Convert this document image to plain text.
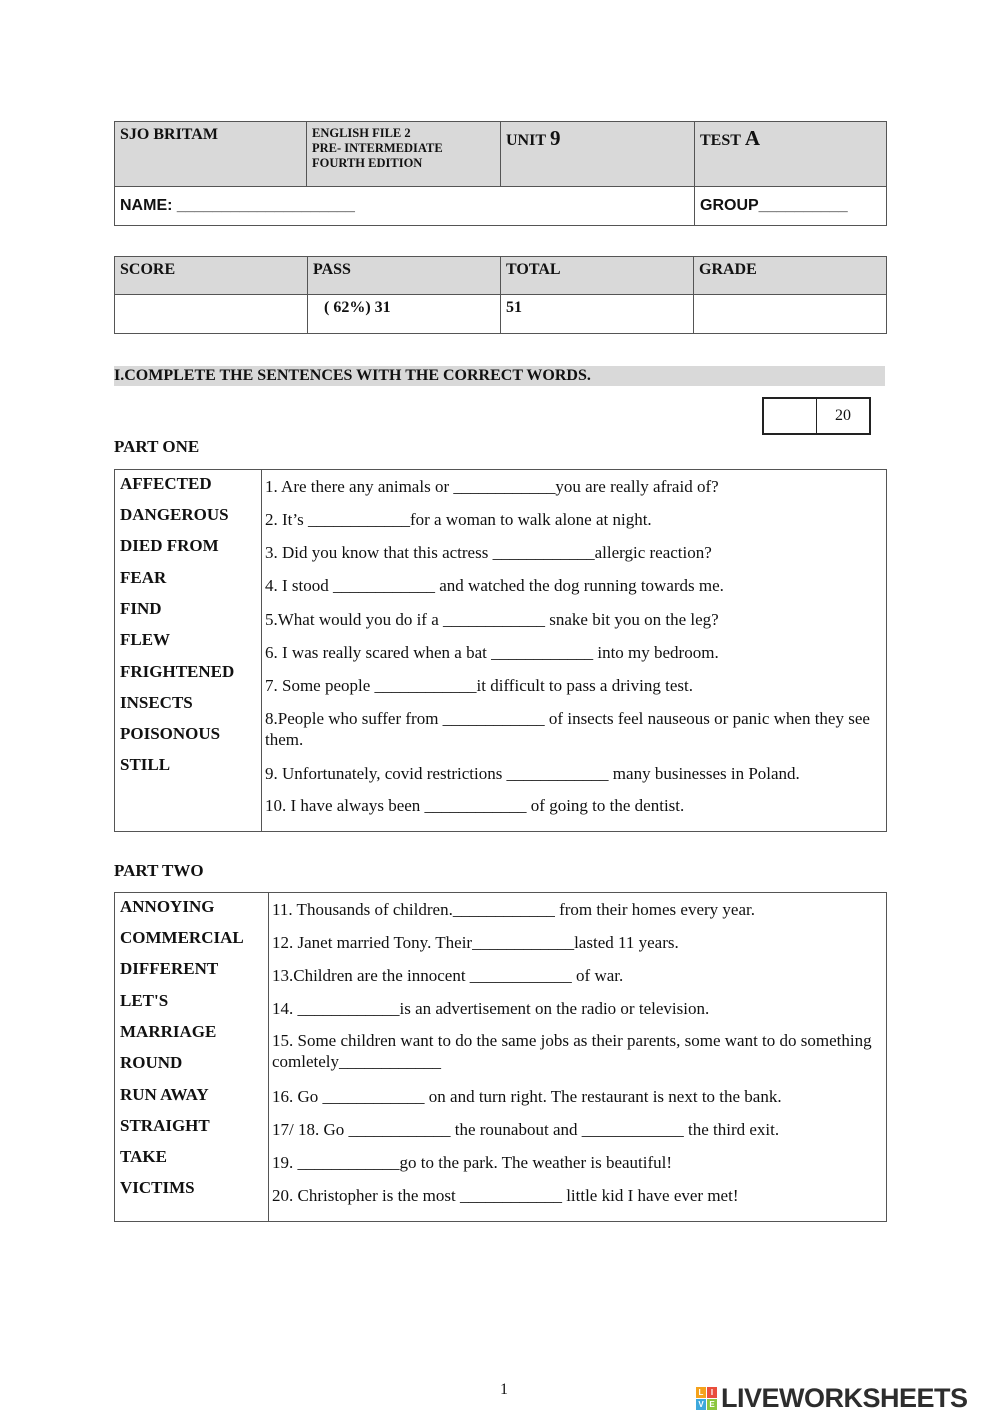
SJO BRITAM	ENGLISH FILE 2
PRE- INTERMEDIATE
FOURTH EDITION	UNIT 9	TEST A
NAME: ____________________			GROUP__________
SCORE	PASS	TOTAL	GRADE
	( 62%) 31	51	
I.COMPLETE THE SENTENCES WITH THE CORRECT WORDS.
20
PART ONE
AFFECTED
DANGEROUS
DIED FROM
FEAR
FIND
FLEW
FRIGHTENED
INSECTS
POISONOUS
STILL
1. Are there any animals or ____________you are really afraid of?
2. It’s ____________for a woman to walk alone at night.
3. Did you know that this actress ____________allergic reaction?
4. I stood ____________ and watched the dog running towards me.
5.What would you do if a ____________ snake bit you on the leg?
6. I was really scared when a bat ____________ into my bedroom.
7. Some people ____________it difficult to pass a driving test.
8.People who suffer from ____________ of insects feel nauseous or panic when they see them.
9. Unfortunately, covid restrictions ____________ many businesses in Poland.
10. I have always been ____________ of going to the dentist.
PART TWO
ANNOYING
COMMERCIAL
DIFFERENT
LET'S
MARRIAGE
ROUND
RUN AWAY
STRAIGHT
TAKE
VICTIMS
11. Thousands of children.____________ from their homes every year.
12. Janet married Tony. Their____________lasted 11 years.
13.Children are the innocent ____________ of war.
14. ____________is an advertisement on the radio or television.
15. Some children want to do the same jobs as their parents, some want to do something comletely____________
16. Go ____________ on and turn right. The restaurant is next to the bank.
17/ 18. Go ____________ the rounabout and ____________ the third exit.
19. ____________go to the park. The weather is beautiful!
20. Christopher is the most ____________ little kid I have ever met!
1	L I
V E LIVEWORKSHEETS
